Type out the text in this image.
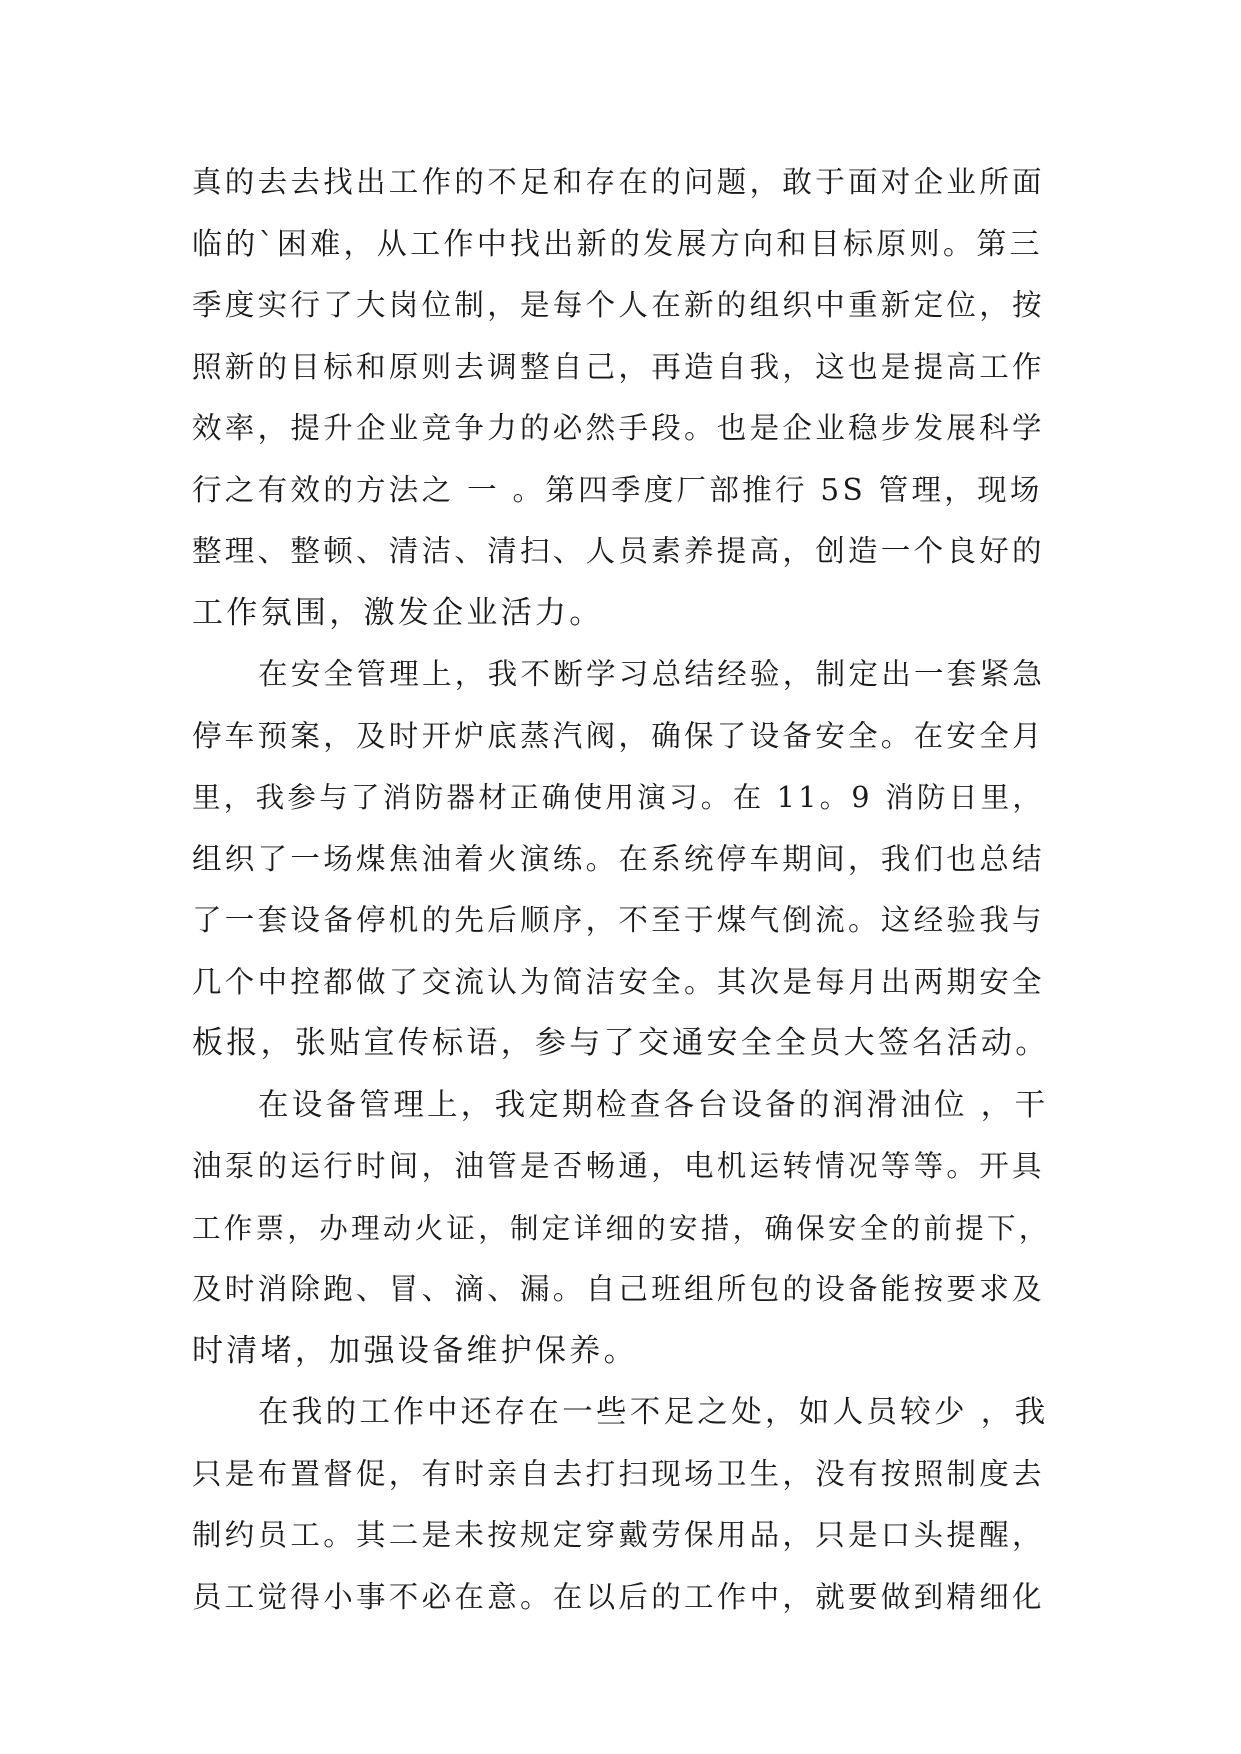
真的去去找出工作的不足和存在的问题，敢于面对企业所面
临的`困难，从工作中找出新的发展方向和目标原则。第三
季度实行了大岗位制，是每个人在新的组织中重新定位，按
照新的目标和原则去调整自己，再造自我，这也是提高工作
效率，提升企业竞争力的必然手段。也是企业稳步发展科学
行之有效的方法之 一 。第四季度厂部推行 5S 管理，现场
整理、整顿、清洁、清扫、人员素养提高，创造一个良好的
工作氛围，激发企业活力。
在安全管理上，我不断学习总结经验，制定出一套紧急
停车预案，及时开炉底蒸汽阀，确保了设备安全。在安全月
里，我参与了消防器材正确使用演习。在 11。9 消防日里，
组织了一场煤焦油着火演练。在系统停车期间，我们也总结
了一套设备停机的先后顺序，不至于煤气倒流。这经验我与
几个中控都做了交流认为简洁安全。其次是每月出两期安全
板报，张贴宣传标语，参与了交通安全全员大签名活动。
在设备管理上，我定期检查各台设备的润滑油位 ，干
油泵的运行时间，油管是否畅通，电机运转情况等等。开具
工作票，办理动火证，制定详细的安措，确保安全的前提下，
及时消除跑、冒、滴、漏。自己班组所包的设备能按要求及
时清堵，加强设备维护保养。
在我的工作中还存在一些不足之处，如人员较少 ，我
只是布置督促，有时亲自去打扫现场卫生，没有按照制度去
制约员工。其二是未按规定穿戴劳保用品，只是口头提醒，
员工觉得小事不必在意。在以后的工作中，就要做到精细化
